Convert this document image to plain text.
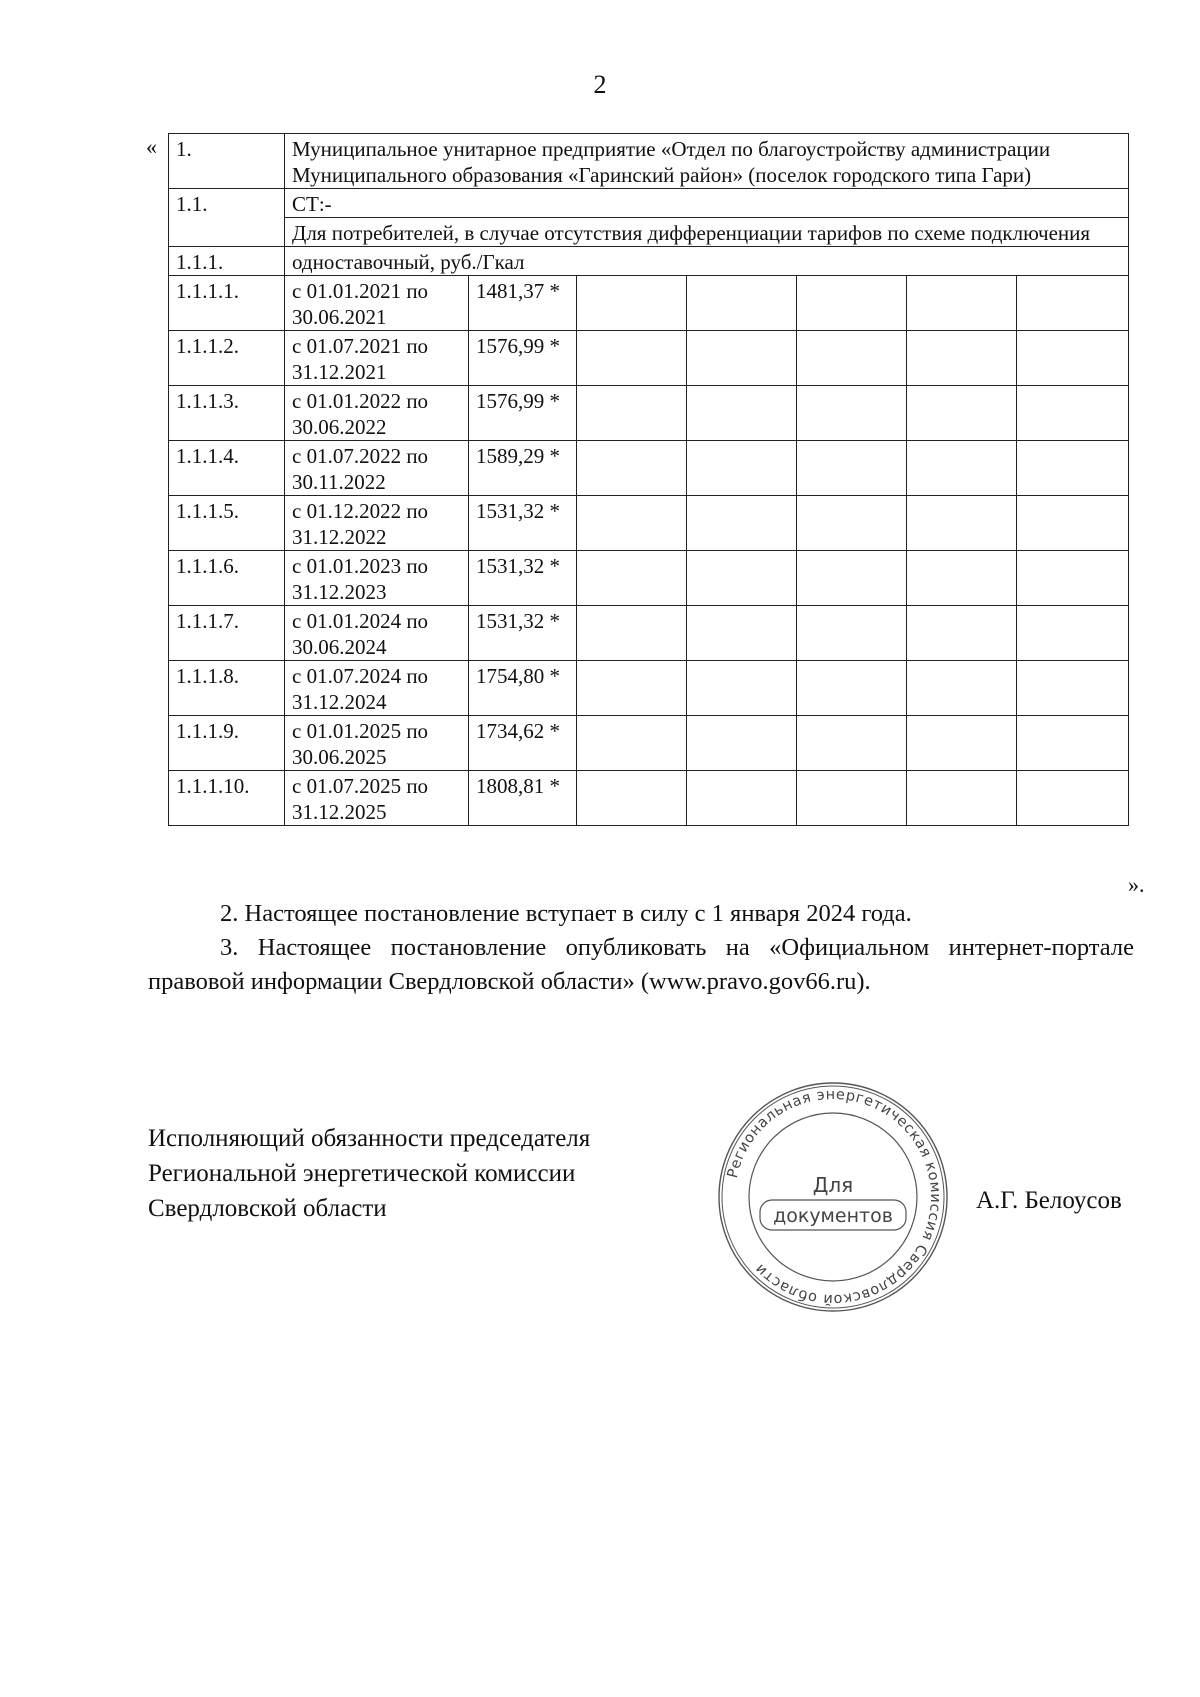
2
« 1.	Муниципальное унитарное предприятие «Отдел по благоустройству администрации Муниципального образования «Гаринский район» (поселок городского типа Гари)						
1.1.	СТ:-						
	Для потребителей, в случае отсутствия дифференциации тарифов по схеме подключения						
1.1.1.	одноставочный, руб./Гкал						
1.1.1.1.	с 01.01.2021 по 30.06.2021	1481,37 *					
1.1.1.2.	с 01.07.2021 по 31.12.2021	1576,99 *					
1.1.1.3.	с 01.01.2022 по 30.06.2022	1576,99 *					
1.1.1.4.	с 01.07.2022 по 30.11.2022	1589,29 *					
1.1.1.5.	с 01.12.2022 по 31.12.2022	1531,32 *					
1.1.1.6.	с 01.01.2023 по 31.12.2023	1531,32 *					
1.1.1.7.	с 01.01.2024 по 30.06.2024	1531,32 *					
1.1.1.8.	с 01.07.2024 по 31.12.2024	1754,80 *					
1.1.1.9.	с 01.01.2025 по 30.06.2025	1734,62 *					
1.1.1.10.	с 01.07.2025 по 31.12.2025	1808,81 *					
».
2. Настоящее постановление вступает в силу с 1 января 2024 года.
3. Настоящее постановление опубликовать на «Официальном интернет-портале правовой информации Свердловской области» (www.pravo.gov66.ru).
Исполняющий обязанности председателя
Региональной энергетической комиссии
Свердловской области
Региональная энергетическая комиссия Свердловской области
Для
документов
А.Г. Белоусов
